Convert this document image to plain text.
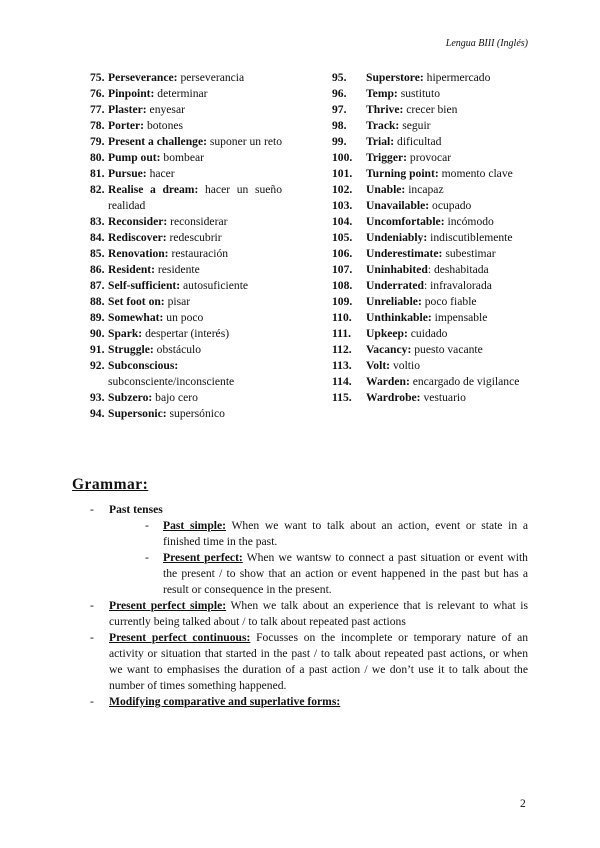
Lengua BIII (Inglés)
75. Perseverance: perseverancia
76. Pinpoint: determinar
77. Plaster: enyesar
78. Porter: botones
79. Present a challenge: suponer un reto
80. Pump out: bombear
81. Pursue: hacer
82. Realise a dream: hacer un sueño realidad
83. Reconsider: reconsiderar
84. Rediscover: redescubrir
85. Renovation: restauración
86. Resident: residente
87. Self-sufficient: autosuficiente
88. Set foot on: pisar
89. Somewhat: un poco
90. Spark: despertar (interés)
91. Struggle: obstáculo
92. Subconscious: subconsciente/inconsciente
93. Subzero: bajo cero
94. Supersonic: supersónico
95.	Superstore: hipermercado
96.	Temp: sustituto
97.	Thrive: crecer bien
98.	Track: seguir
99.	Trial: dificultad
100.	Trigger: provocar
101.	Turning point: momento clave
102.	Unable: incapaz
103.	Unavailable: ocupado
104.	Uncomfortable: incómodo
105.	Undeniably: indiscutiblemente
106.	Underestimate: subestimar
107.	Uninhabited: deshabitada
108.	Underrated: infravalorada
109.	Unreliable: poco fiable
110.	Unthinkable: impensable
111.	Upkeep: cuidado
112.	Vacancy: puesto vacante
113.	Volt: voltio
114.	Warden: encargado de vigilance
115.	Wardrobe: vestuario
Grammar:
-	Past tenses
-	Past simple: When we want to talk about an action, event or state in a finished time in the past.
-	Present perfect: When we wantsw to connect a past situation or event with the present / to show that an action or event happened in the past but has a result or consequence in the present.
-	Present perfect simple: When we talk about an experience that is relevant to what is currently being talked about / to talk about repeated past actions
-	Present perfect continuous: Focusses on the incomplete or temporary nature of an activity or situation that started in the past / to talk about repeated past actions, or when we want to emphasises the duration of a past action / we don’t use it to talk about the number of times something happened.
-	Modifying comparative and superlative forms:
2
